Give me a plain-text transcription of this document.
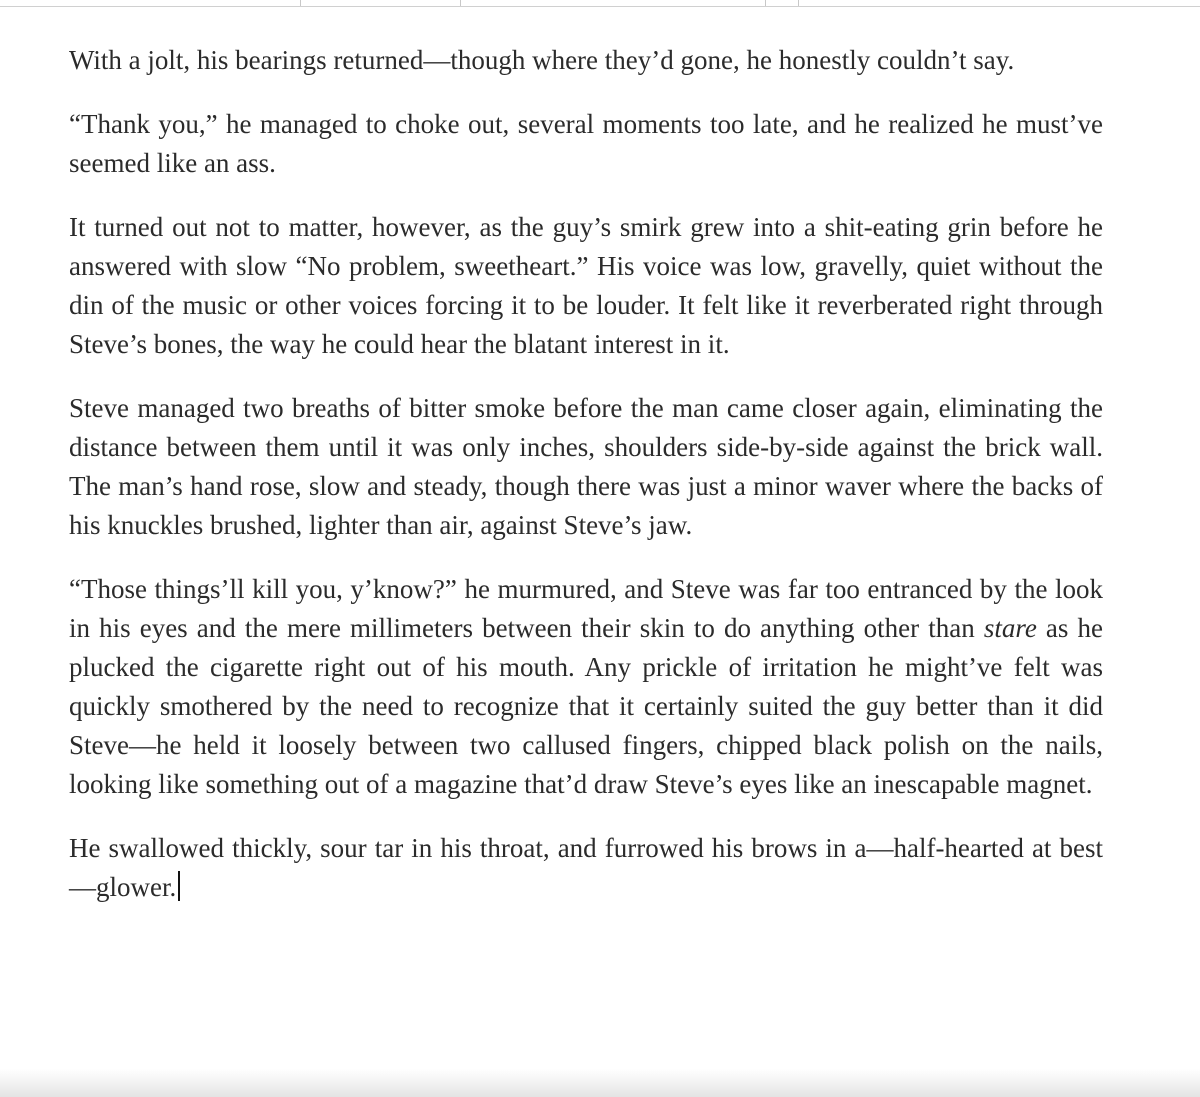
With a jolt, his bearings returned—though where they’d gone, he honestly couldn’t say.

“Thank you,” he managed to choke out, several moments too late, and he realized he must’ve seemed like an ass.

It turned out not to matter, however, as the guy’s smirk grew into a shit-eating grin before he answered with slow “No problem, sweetheart.” His voice was low, gravelly, quiet without the din of the music or other voices forcing it to be louder. It felt like it reverberated right through Steve’s bones, the way he could hear the blatant interest in it.

Steve managed two breaths of bitter smoke before the man came closer again, eliminating the distance between them until it was only inches, shoulders side-by-side against the brick wall. The man’s hand rose, slow and steady, though there was just a minor waver where the backs of his knuckles brushed, lighter than air, against Steve’s jaw.

“Those things’ll kill you, y’know?” he murmured, and Steve was far too entranced by the look in his eyes and the mere millimeters between their skin to do anything other than stare as he plucked the cigarette right out of his mouth. Any prickle of irritation he might’ve felt was quickly smothered by the need to recognize that it certainly suited the guy better than it did Steve—he held it loosely between two callused fingers, chipped black polish on the nails, looking like something out of a magazine that’d draw Steve’s eyes like an inescapable magnet.

He swallowed thickly, sour tar in his throat, and furrowed his brows in a—half-hearted at best—glower.
